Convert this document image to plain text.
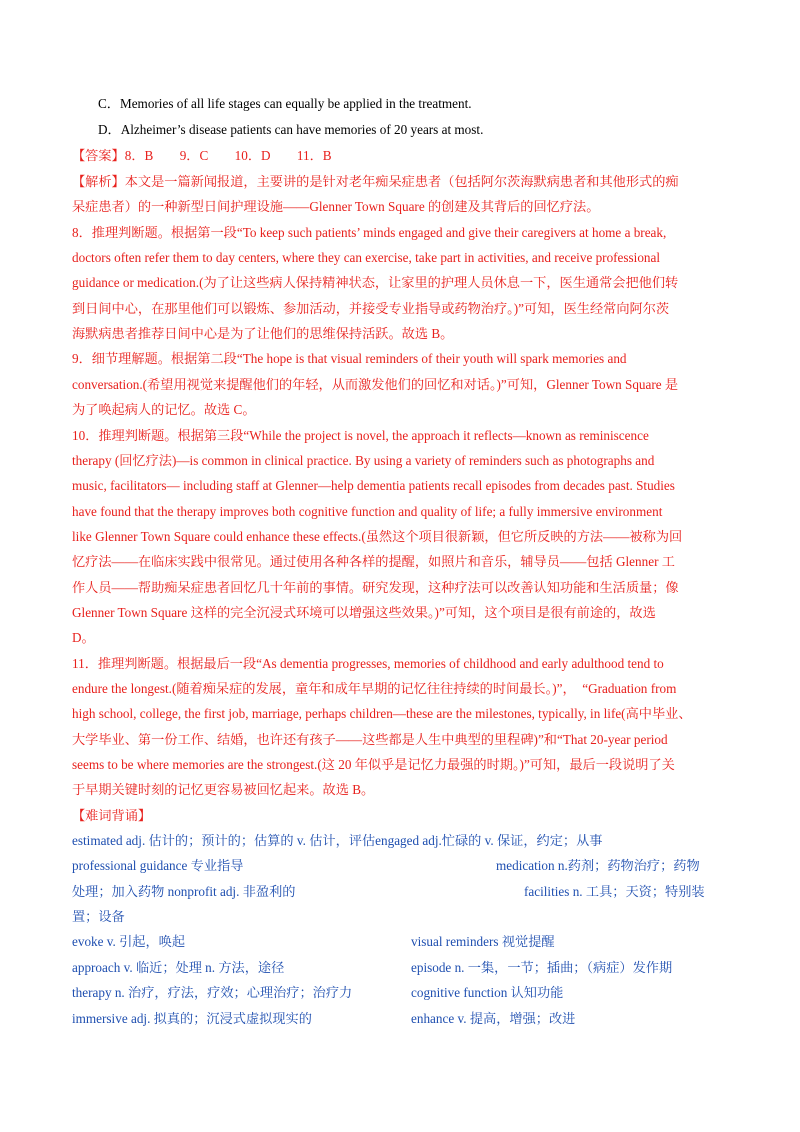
C．Memories of all life stages can equally be applied in the treatment.
D．Alzheimer’s disease patients can have memories of 20 years at most.
【答案】8．B　　9．C　　10．D　　11．B
【解析】本文是一篇新闻报道，主要讲的是针对老年痴呆症患者（包括阿尔茨海默病患者和其他形式的痴
呆症患者）的一种新型日间护理设施——Glenner Town Square 的创建及其背后的回忆疗法。
8．推理判断题。根据第一段“To keep such patients’ minds engaged and give their caregivers at home a break,
doctors often refer them to day centers, where they can exercise, take part in activities, and receive professional
guidance or medication.(为了让这些病人保持精神状态，让家里的护理人员休息一下，医生通常会把他们转
到日间中心，在那里他们可以锻炼、参加活动，并接受专业指导或药物治疗。)”可知，医生经常向阿尔茨
海默病患者推荐日间中心是为了让他们的思维保持活跃。故选 B。
9．细节理解题。根据第二段“The hope is that visual reminders of their youth will spark memories and
conversation.(希望用视觉来提醒他们的年轻，从而激发他们的回忆和对话。)”可知，Glenner Town Square 是
为了唤起病人的记忆。故选 C。
10．推理判断题。根据第三段“While the project is novel, the approach it reflects—known as reminiscence
therapy (回忆疗法)—is common in clinical practice. By using a variety of reminders such as photographs and
music, facilitators— including staff at Glenner—help dementia patients recall episodes from decades past. Studies
have found that the therapy improves both cognitive function and quality of life; a fully immersive environment
like Glenner Town Square could enhance these effects.(虽然这个项目很新颖，但它所反映的方法——被称为回
忆疗法——在临床实践中很常见。通过使用各种各样的提醒，如照片和音乐，辅导员——包括 Glenner 工
作人员——帮助痴呆症患者回忆几十年前的事情。研究发现，这种疗法可以改善认知功能和生活质量；像
Glenner Town Square 这样的完全沉浸式环境可以增强这些效果。)”可知，这个项目是很有前途的，故选
D。
11．推理判断题。根据最后一段“As dementia progresses, memories of childhood and early adulthood tend to
endure the longest.(随着痴呆症的发展，童年和成年早期的记忆往往持续的时间最长。)”，　“Graduation from
high school, college, the first job, marriage, perhaps children—these are the milestones, typically, in life(高中毕业、
大学毕业、第一份工作、结婚，也许还有孩子——这些都是人生中典型的里程碑)”和“That 20-year period
seems to be where memories are the strongest.(这 20 年似乎是记忆力最强的时期。)”可知，最后一段说明了关
于早期关键时刻的记忆更容易被回忆起来。故选 B。
【难词背诵】
estimated adj. 估计的；预计的；估算的 v. 估计，评估engaged adj.忙碌的 v. 保证，约定；从事
professional guidance 专业指导	medication n.药剂；药物治疗；药物
处理；加入药物 nonprofit adj. 非盈利的	facilities n. 工具；天资；特别装
置；设备
evoke v. 引起，唤起	visual reminders 视觉提醒
approach v. 临近；处理 n. 方法，途径	episode n. 一集，一节；插曲；（病症）发作期
therapy n. 治疗，疗法，疗效；心理治疗；治疗力	cognitive function 认知功能
immersive adj. 拟真的；沉浸式虚拟现实的	enhance v. 提高，增强；改进
